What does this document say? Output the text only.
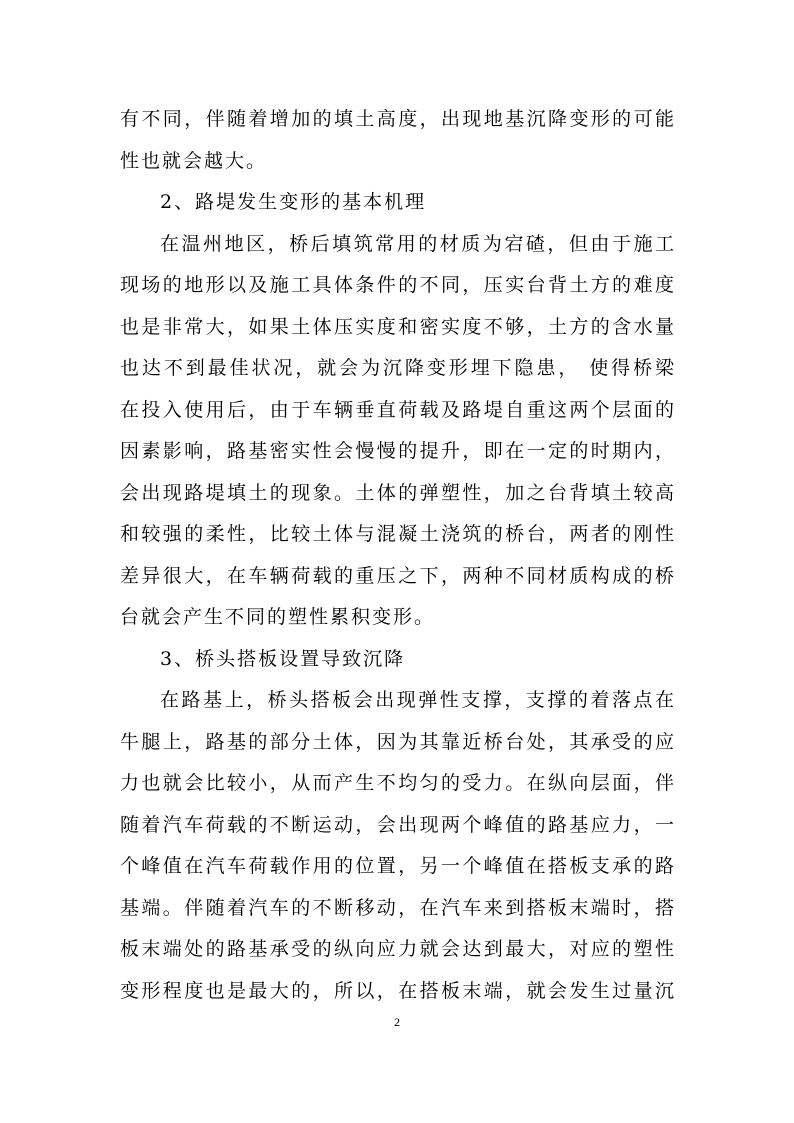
有不同，伴随着增加的填土高度，出现地基沉降变形的可能
性也就会越大。
2、路堤发生变形的基本机理
在温州地区，桥后填筑常用的材质为宕碴，但由于施工
现场的地形以及施工具体条件的不同，压实台背土方的难度
也是非常大，如果土体压实度和密实度不够，土方的含水量
也达不到最佳状况，就会为沉降变形埋下隐患， 使得桥梁
在投入使用后，由于车辆垂直荷载及路堤自重这两个层面的
因素影响，路基密实性会慢慢的提升，即在一定的时期内，
会出现路堤填土的现象。土体的弹塑性，加之台背填土较高
和较强的柔性，比较土体与混凝土浇筑的桥台，两者的刚性
差异很大，在车辆荷载的重压之下，两种不同材质构成的桥
台就会产生不同的塑性累积变形。
3、桥头搭板设置导致沉降
在路基上，桥头搭板会出现弹性支撑，支撑的着落点在
牛腿上，路基的部分土体，因为其靠近桥台处，其承受的应
力也就会比较小，从而产生不均匀的受力。在纵向层面，伴
随着汽车荷载的不断运动，会出现两个峰值的路基应力，一
个峰值在汽车荷载作用的位置，另一个峰值在搭板支承的路
基端。伴随着汽车的不断移动，在汽车来到搭板末端时，搭
板末端处的路基承受的纵向应力就会达到最大，对应的塑性
变形程度也是最大的，所以，在搭板末端，就会发生过量沉
2
